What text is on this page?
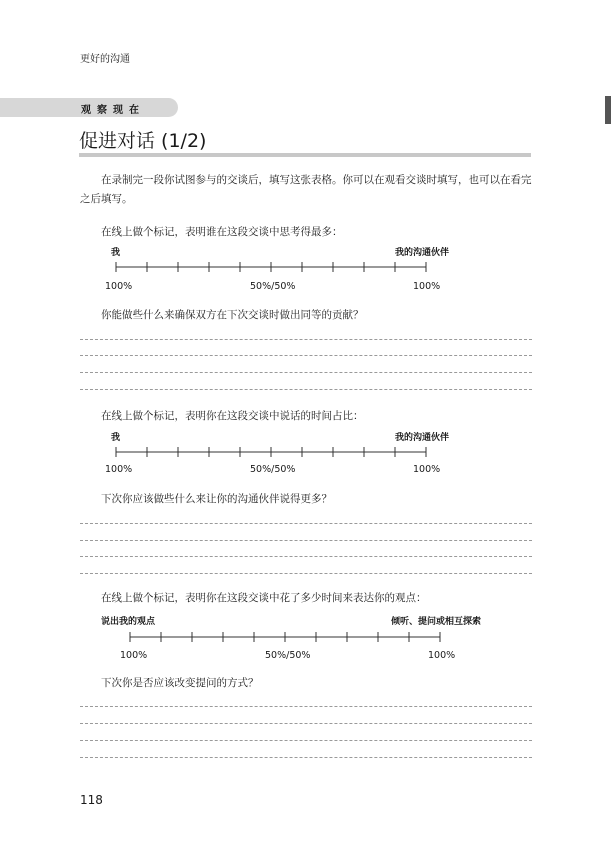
更好的沟通
观察现在
促进对话 (1/2)
在录制完一段你试图参与的交谈后，填写这张表格。你可以在观看交谈时填写，也可以在看完之后填写。
在线上做个标记，表明谁在这段交谈中思考得最多：
我	我的沟通伙伴
100%	50%/50%	100%
你能做些什么来确保双方在下次交谈时做出同等的贡献？
在线上做个标记，表明你在这段交谈中说话的时间占比：
我	我的沟通伙伴
100%	50%/50%	100%
下次你应该做些什么来让你的沟通伙伴说得更多？
在线上做个标记，表明你在这段交谈中花了多少时间来表达你的观点：
说出我的观点	倾听、提问或相互探索
100%	50%/50%	100%
下次你是否应该改变提问的方式？
118
